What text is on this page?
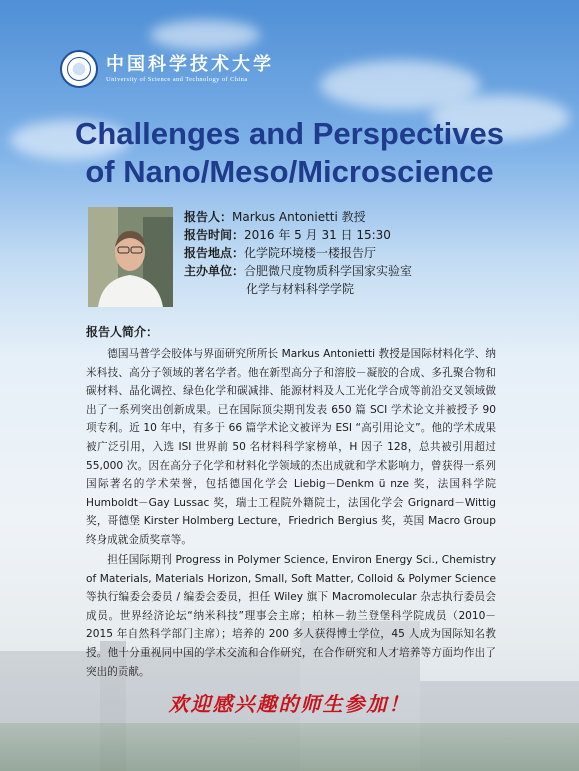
中国科学技术大学
University of Science and Technology of China
Challenges and Perspectives
of Nano/Meso/Microscience
报告人： Markus Antonietti 教授
报告时间： 2016 年 5 月 31 日 15:30
报告地点： 化学院环境楼一楼报告厅
主办单位： 合肥微尺度物质科学国家实验室
化学与材料科学学院
报告人简介：

德国马普学会胶体与界面研究所所长 Markus Antonietti 教授是国际材料化学、纳米科技、高分子领域的著名学者。他在新型高分子和溶胶－凝胶的合成、多孔聚合物和碳材料、晶化调控、绿色化学和碳减排、能源材料及人工光化学合成等前沿交叉领域做出了一系列突出创新成果。已在国际顶尖期刊发表 650 篇 SCI 学术论文并被授予 90 项专利。近 10 年中，有多于 66 篇学术论文被评为 ESI “高引用论文”。他的学术成果被广泛引用，入选 ISI 世界前 50 名材料科学家榜单，H 因子 128，总共被引用超过 55,000 次。因在高分子化学和材料化学领域的杰出成就和学术影响力，曾获得一系列国际著名的学术荣誉，包括德国化学会 Liebig－Denkm ü nze 奖，法国科学院 Humboldt－Gay Lussac 奖，瑞士工程院外籍院士，法国化学会 Grignard－Wittig 奖，哥德堡 Kirster Holmberg Lecture，Friedrich Bergius 奖，英国 Macro Group 终身成就金质奖章等。

担任国际期刊 Progress in Polymer Science, Environ Energy Sci., Chemistry of Materials, Materials Horizon, Small, Soft Matter, Colloid & Polymer Science 等执行编委会委员 / 编委会委员，担任 Wiley 旗下 Macromolecular 杂志执行委员会成员。世界经济论坛“纳米科技”理事会主席；柏林－勃兰登堡科学院成员（2010－2015 年自然科学部门主席）；培养的 200 多人获得博士学位，45 人成为国际知名教授。他十分重视同中国的学术交流和合作研究，在合作研究和人才培养等方面均作出了突出的贡献。

欢迎感兴趣的师生参加！
